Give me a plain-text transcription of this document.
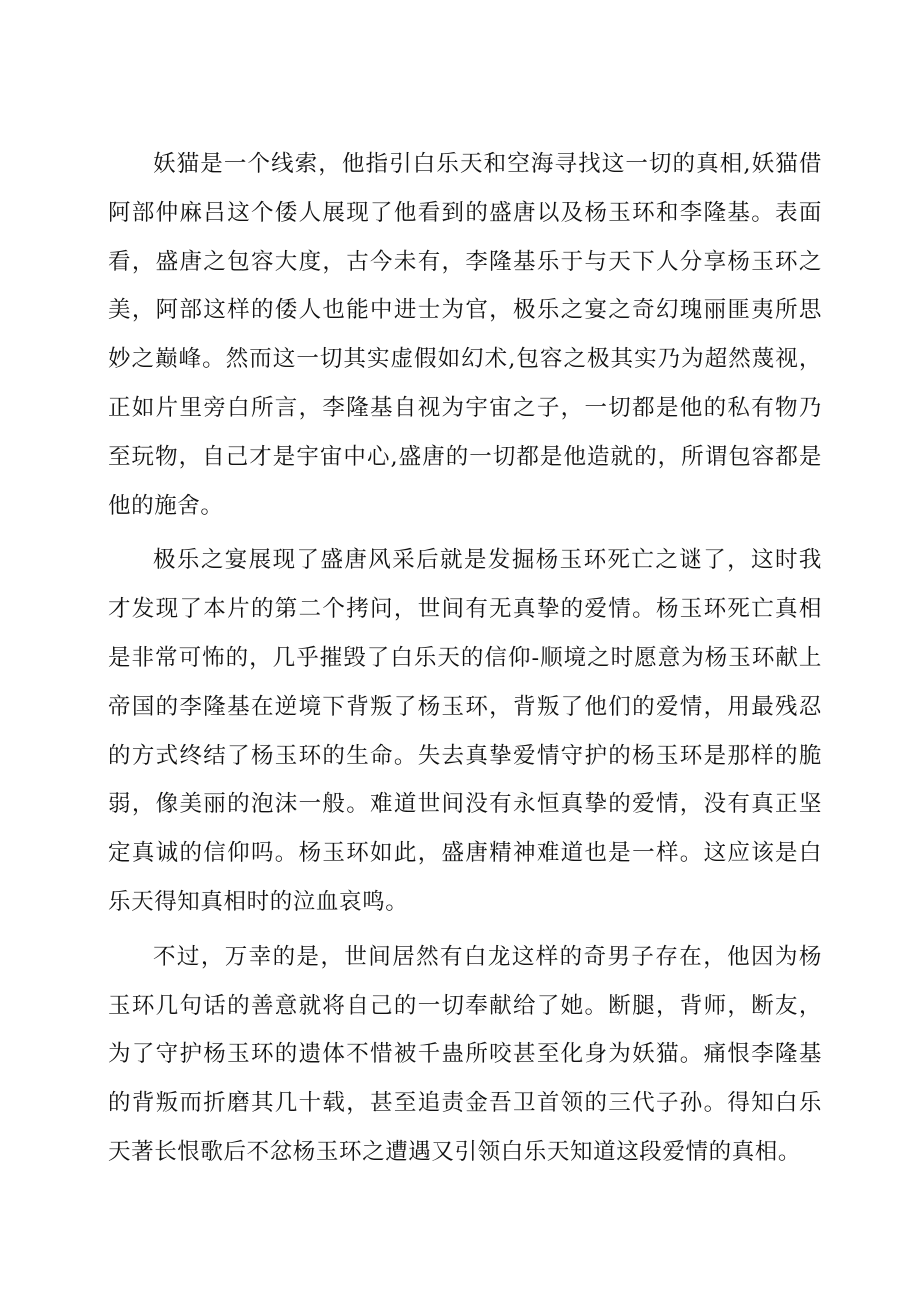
妖猫是一个线索，他指引白乐天和空海寻找这一切的真相,妖猫借阿部仲麻吕这个倭人展现了他看到的盛唐以及杨玉环和李隆基。表面看，盛唐之包容大度，古今未有，李隆基乐于与天下人分享杨玉环之美，阿部这样的倭人也能中进士为官，极乐之宴之奇幻瑰丽匪夷所思妙之巅峰。然而这一切其实虚假如幻术,包容之极其实乃为超然蔑视，正如片里旁白所言，李隆基自视为宇宙之子，一切都是他的私有物乃至玩物，自己才是宇宙中心,盛唐的一切都是他造就的，所谓包容都是他的施舍。

极乐之宴展现了盛唐风采后就是发掘杨玉环死亡之谜了，这时我才发现了本片的第二个拷问，世间有无真挚的爱情。杨玉环死亡真相是非常可怖的，几乎摧毁了白乐天的信仰-顺境之时愿意为杨玉环献上帝国的李隆基在逆境下背叛了杨玉环，背叛了他们的爱情，用最残忍的方式终结了杨玉环的生命。失去真挚爱情守护的杨玉环是那样的脆弱，像美丽的泡沫一般。难道世间没有永恒真挚的爱情，没有真正坚定真诚的信仰吗。杨玉环如此，盛唐精神难道也是一样。这应该是白乐天得知真相时的泣血哀鸣。

不过，万幸的是，世间居然有白龙这样的奇男子存在，他因为杨玉环几句话的善意就将自己的一切奉献给了她。断腿，背师，断友，为了守护杨玉环的遗体不惜被千蛊所咬甚至化身为妖猫。痛恨李隆基的背叛而折磨其几十载，甚至追责金吾卫首领的三代子孙。得知白乐天著长恨歌后不忿杨玉环之遭遇又引领白乐天知道这段爱情的真相。
